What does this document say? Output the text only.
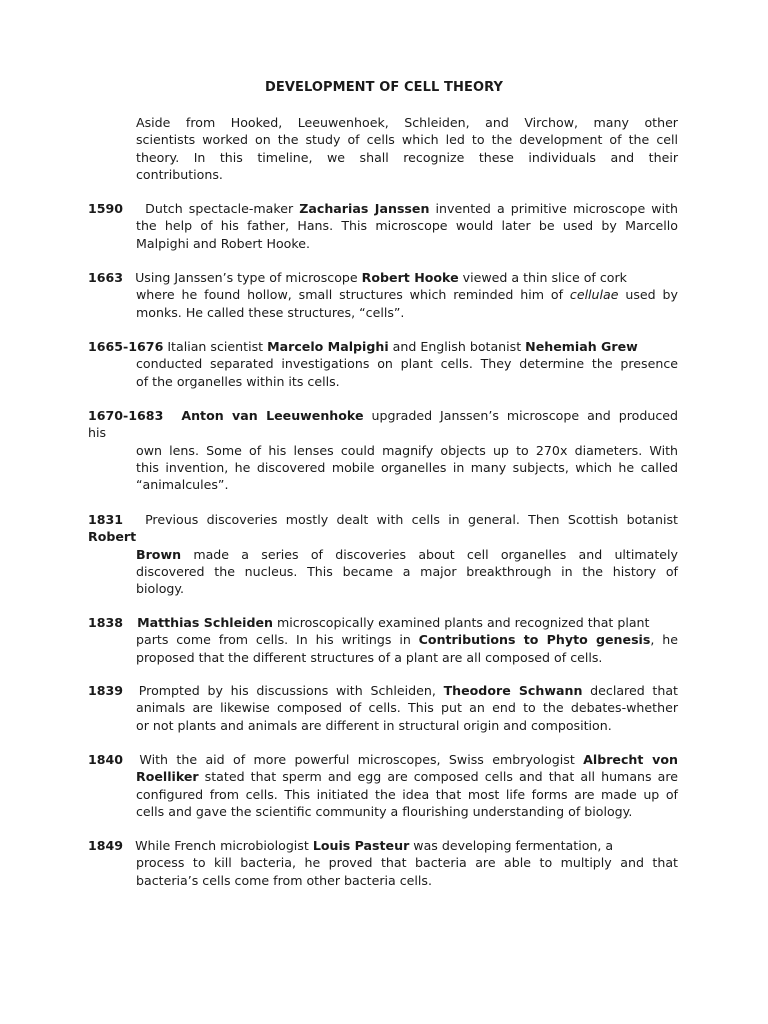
DEVELOPMENT OF CELL THEORY
Aside from Hooked, Leeuwenhoek, Schleiden, and Virchow, many other
scientists worked on the study of cells which led to the development of the cell
theory. In this timeline, we shall recognize these individuals and their
contributions.
1590 Dutch spectacle-maker Zacharias Janssen invented a primitive microscope with
the help of his father, Hans. This microscope would later be used by Marcello
Malpighi and Robert Hooke.
1663 Using Janssen’s type of microscope Robert Hooke viewed a thin slice of cork
where he found hollow, small structures which reminded him of cellulae used by
monks. He called these structures, “cells”.
1665-1676 Italian scientist Marcelo Malpighi and English botanist Nehemiah Grew
conducted separated investigations on plant cells. They determine the presence
of the organelles within its cells.
1670-1683 Anton van Leeuwenhoke upgraded Janssen’s microscope and produced
his
own lens. Some of his lenses could magnify objects up to 270x diameters. With
this invention, he discovered mobile organelles in many subjects, which he called
“animalcules”.
1831 Previous discoveries mostly dealt with cells in general. Then Scottish botanist
Robert
Brown made a series of discoveries about cell organelles and ultimately
discovered the nucleus. This became a major breakthrough in the history of
biology.
1838 Matthias Schleiden microscopically examined plants and recognized that plant
parts come from cells. In his writings in Contributions to Phyto genesis, he
proposed that the different structures of a plant are all composed of cells.
1839 Prompted by his discussions with Schleiden, Theodore Schwann declared that
animals are likewise composed of cells. This put an end to the debates-whether
or not plants and animals are different in structural origin and composition.
1840 With the aid of more powerful microscopes, Swiss embryologist Albrecht von
Roelliker stated that sperm and egg are composed cells and that all humans are
configured from cells. This initiated the idea that most life forms are made up of
cells and gave the scientific community a flourishing understanding of biology.
1849 While French microbiologist Louis Pasteur was developing fermentation, a
process to kill bacteria, he proved that bacteria are able to multiply and that
bacteria’s cells come from other bacteria cells.
